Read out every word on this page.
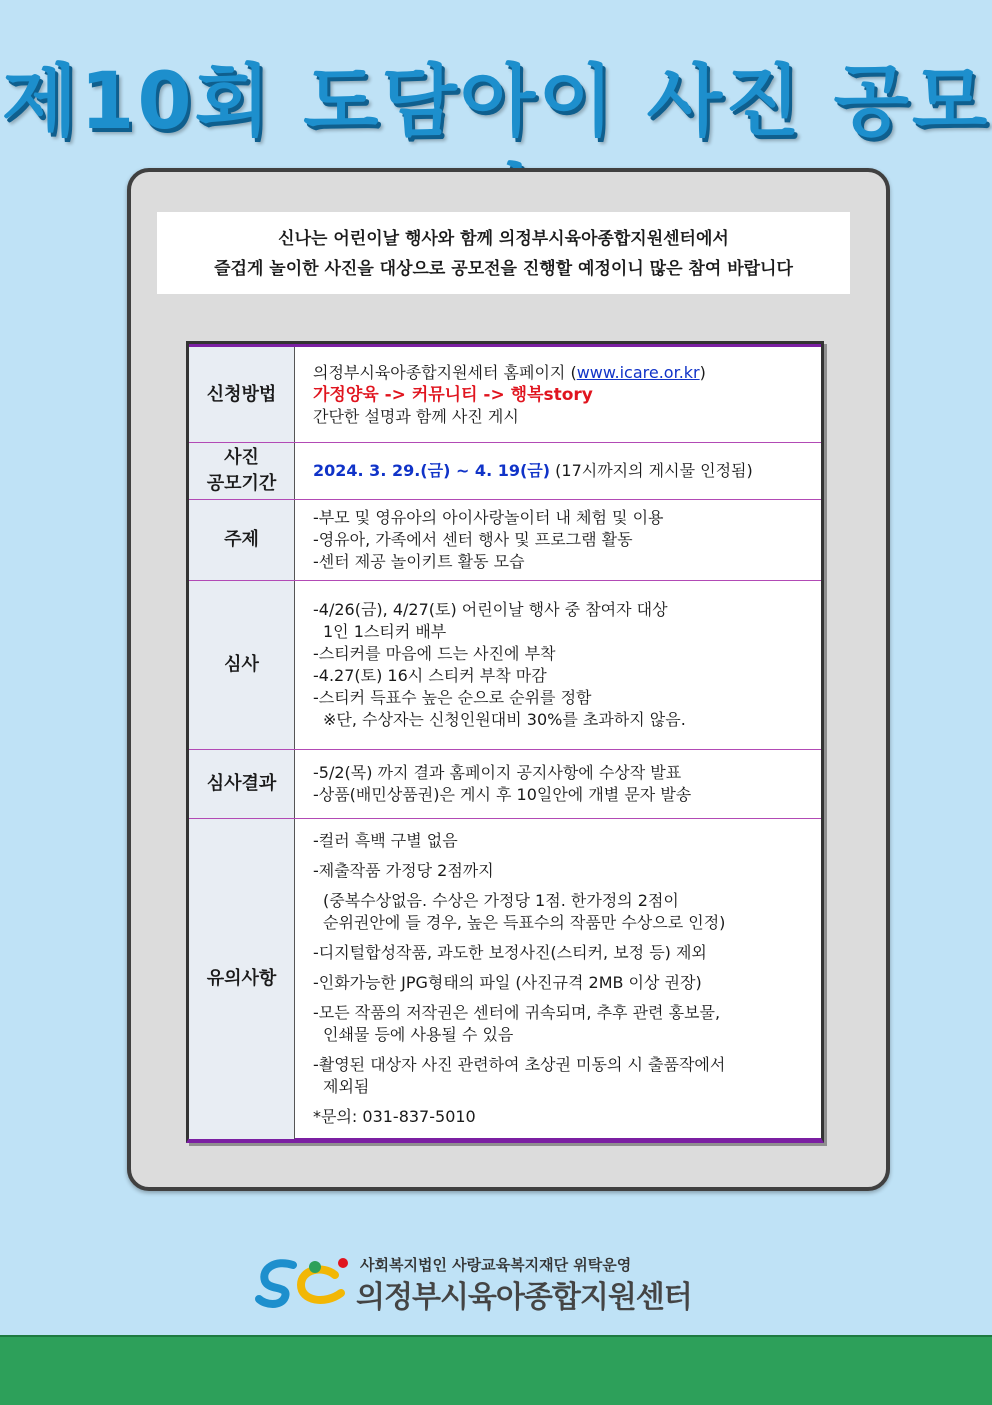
제10회 도담아이 사진 공모
신나는 어린이날 행사와 함께 의정부시육아종합지원센터에서
즐겁게 놀이한 사진을 대상으로 공모전을 진행할 예정이니 많은 참여 바랍니다
신청방법
의정부시육아종합지원세터 홈페이지 (www.icare.or.kr)
가정양육 -> 커뮤니티 -> 행복story
간단한 설명과 함께 사진 게시
사진
공모기간
2024. 3. 29.(금) ~ 4. 19(금) (17시까지의 게시물 인정됨)
주제
-부모 및 영유아의 아이사랑놀이터 내 체험 및 이용
-영유아, 가족에서 센터 행사 및 프로그램 활동
-센터 제공 놀이키트 활동 모습
심사
-4/26(금), 4/27(토) 어린이날 행사 중 참여자 대상
1인 1스티커 배부
-스티커를 마음에 드는 사진에 부착
-4.27(토) 16시 스티커 부착 마감
-스티커 득표수 높은 순으로 순위를 정함
※단, 수상자는 신청인원대비 30%를 초과하지 않음.
심사결과
-5/2(목) 까지 결과 홈페이지 공지사항에 수상작 발표
-상품(배민상품권)은 게시 후 10일안에 개별 문자 발송
유의사항
-컬러 흑백 구별 없음
-제출작품 가정당 2점까지
(중복수상없음. 수상은 가정당 1점. 한가정의 2점이
순위권안에 들 경우, 높은 득표수의 작품만 수상으로 인정)
-디지털합성작품, 과도한 보정사진(스티커, 보정 등) 제외
-인화가능한 JPG형태의 파일 (사진규격 2MB 이상 권장)
-모든 작품의 저작권은 센터에 귀속되며, 추후 관련 홍보물,
인쇄물 등에 사용될 수 있음
-촬영된 대상자 사진 관련하여 초상권 미동의 시 출품작에서
제외됨
*문의: 031-837-5010
사회복지법인 사랑교육복지재단 위탁운영
의정부시육아종합지원센터
